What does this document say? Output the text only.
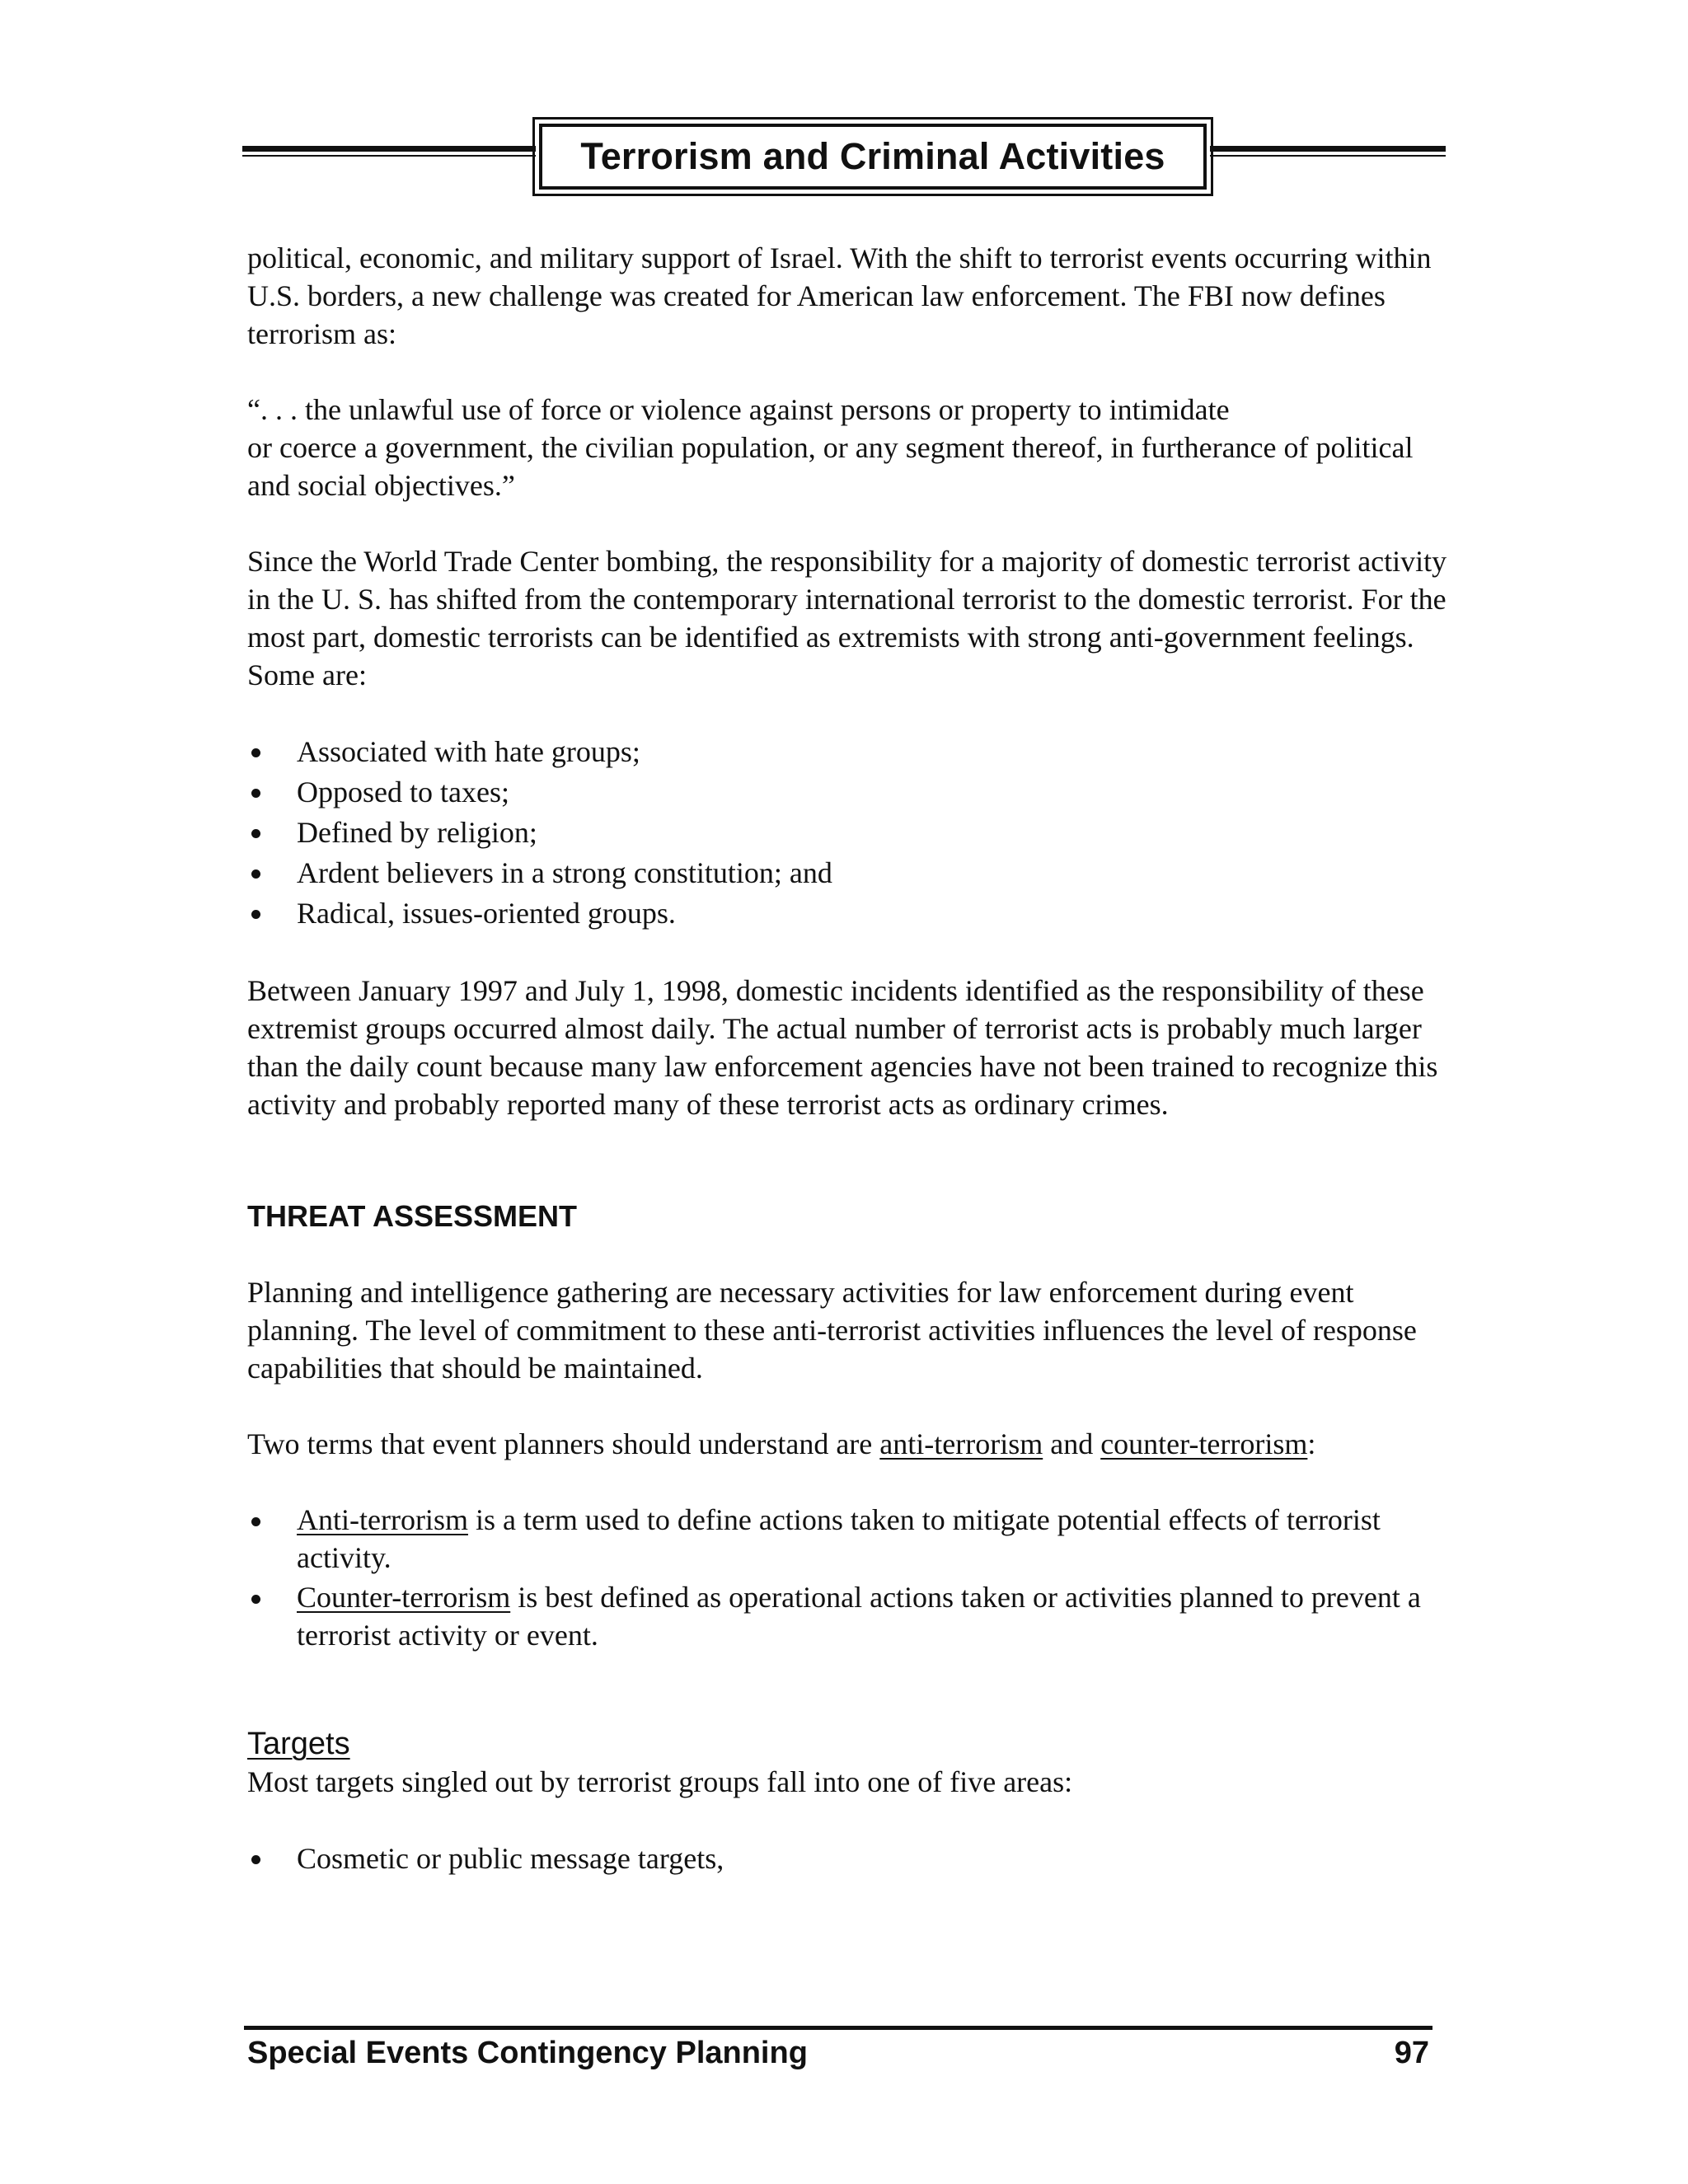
Terrorism and Criminal Activities

political, economic, and military support of Israel. With the shift to terrorist events occurring within U.S. borders, a new challenge was created for American law enforcement. The FBI now defines terrorism as:

“. . . the unlawful use of force or violence against persons or property to intimidate

or coerce a government, the civilian population, or any segment thereof, in furtherance of political and social objectives.”

Since the World Trade Center bombing, the responsibility for a majority of domestic terrorist activity in the U. S. has shifted from the contemporary international terrorist to the domestic terrorist. For the most part, domestic terrorists can be identified as extremists with strong anti-government feelings. Some are:

Associated with hate groups;
Opposed to taxes;
Defined by religion;
Ardent believers in a strong constitution; and
Radical, issues-oriented groups.

Between January 1997 and July 1, 1998, domestic incidents identified as the responsibility of these extremist groups occurred almost daily. The actual number of terrorist acts is probably much larger than the daily count because many law enforcement agencies have not been trained to recognize this activity and probably reported many of these terrorist acts as ordinary crimes.

THREAT ASSESSMENT

Planning and intelligence gathering are necessary activities for law enforcement during event planning. The level of commitment to these anti-terrorist activities influences the level of response capabilities that should be maintained.

Two terms that event planners should understand are anti-terrorism and counter-terrorism:

Anti-terrorism is a term used to define actions taken to mitigate potential effects of terrorist activity.
Counter-terrorism is best defined as operational actions taken or activities planned to prevent a terrorist activity or event.
Targets

Most targets singled out by terrorist groups fall into one of five areas:

Cosmetic or public message targets,
Special Events Contingency Planning	97
